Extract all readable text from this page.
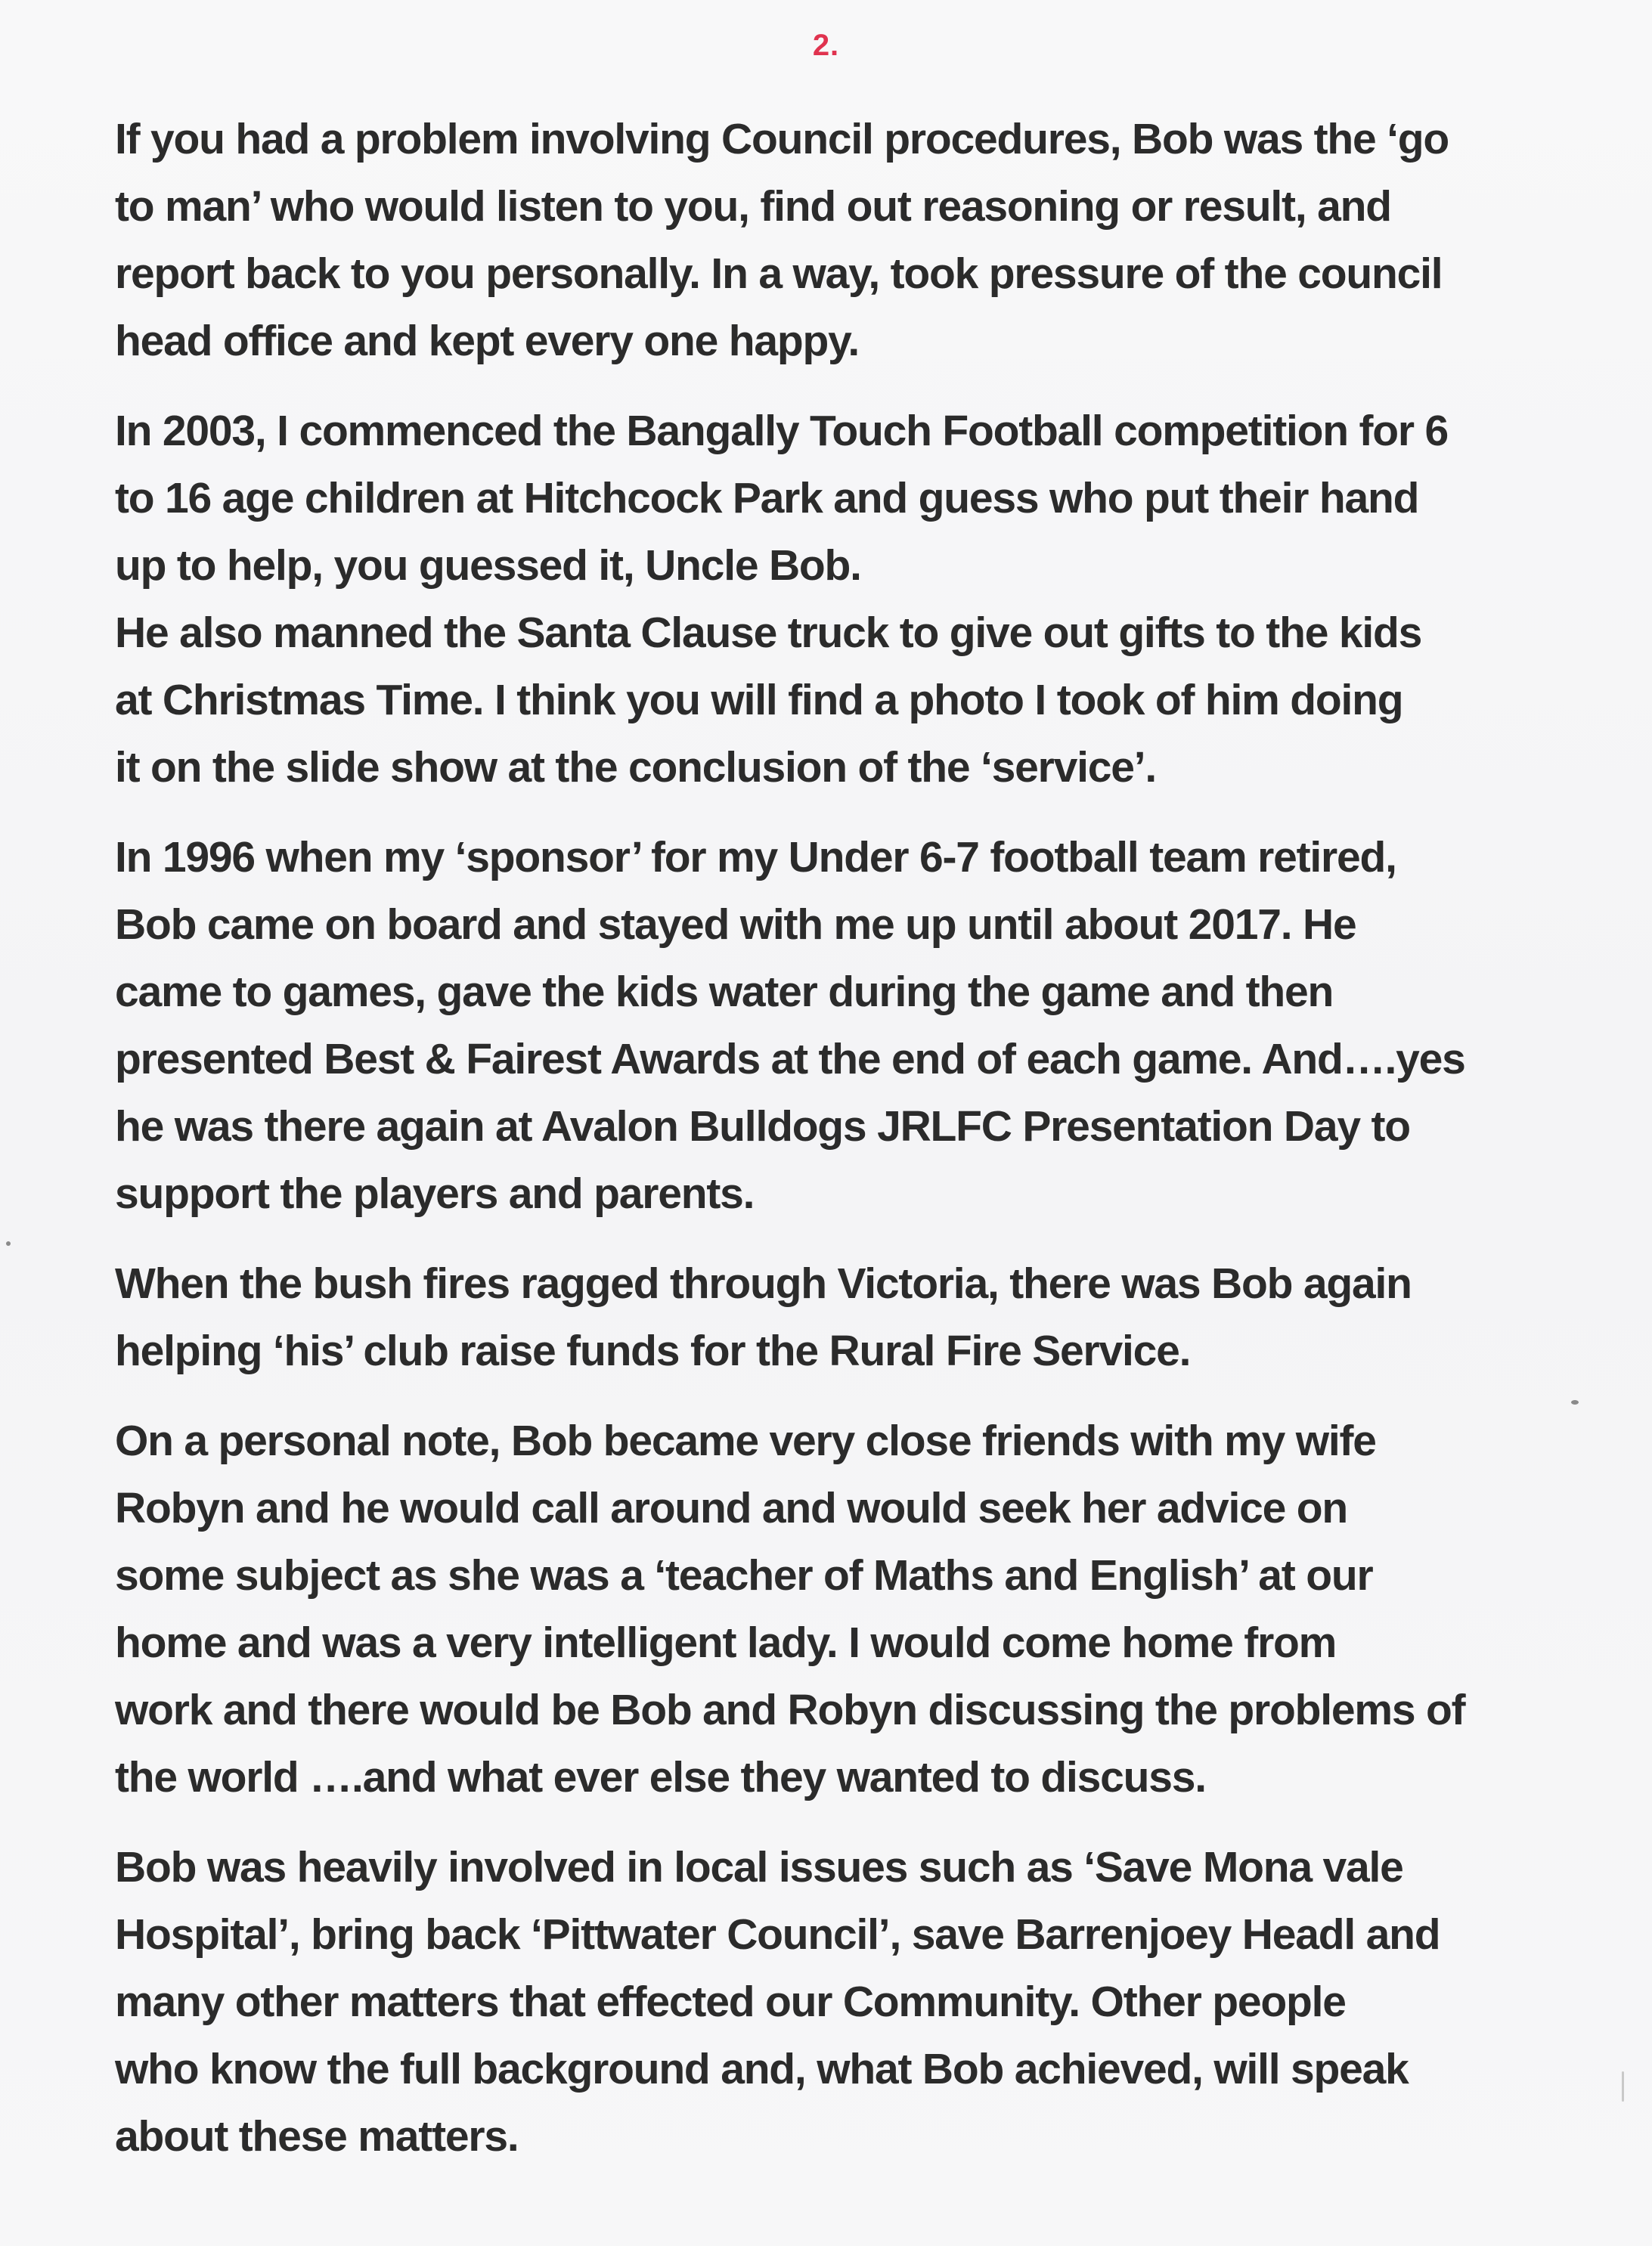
2.

If you had a problem involving Council procedures, Bob was the ‘go
to man’ who would listen to you, find out reasoning or result, and
report back to you personally. In a way, took pressure of the council
head office and kept every one happy.

In 2003, I commenced the Bangally Touch Football competition for 6
to 16 age children at Hitchcock Park and guess who put their hand
up to help, you guessed it, Uncle Bob.
He also manned the Santa Clause truck to give out gifts to the kids
at Christmas Time. I think you will find a photo I took of him doing
it on the slide show at the conclusion of the ‘service’.

In 1996 when my ‘sponsor’ for my Under 6-7 football team retired,
Bob came on board and stayed with me up until about 2017. He
came to games, gave the kids water during the game and then
presented Best & Fairest Awards at the end of each game. And….yes
he was there again at Avalon Bulldogs JRLFC Presentation Day to
support the players and parents.

When the bush fires ragged through Victoria, there was Bob again
helping ‘his’ club raise funds for the Rural Fire Service.

On a personal note, Bob became very close friends with my wife
Robyn and he would call around and would seek her advice on
some subject as she was a ‘teacher of Maths and English’ at our
home and was a very intelligent lady. I would come home from
work and there would be Bob and Robyn discussing the problems of
the world ….and what ever else they wanted to discuss.

Bob was heavily involved in local issues such as ‘Save Mona vale
Hospital’, bring back ‘Pittwater Council’, save Barrenjoey Headl and
many other matters that effected our Community. Other people
who know the full background and, what Bob achieved, will speak
about these matters.
